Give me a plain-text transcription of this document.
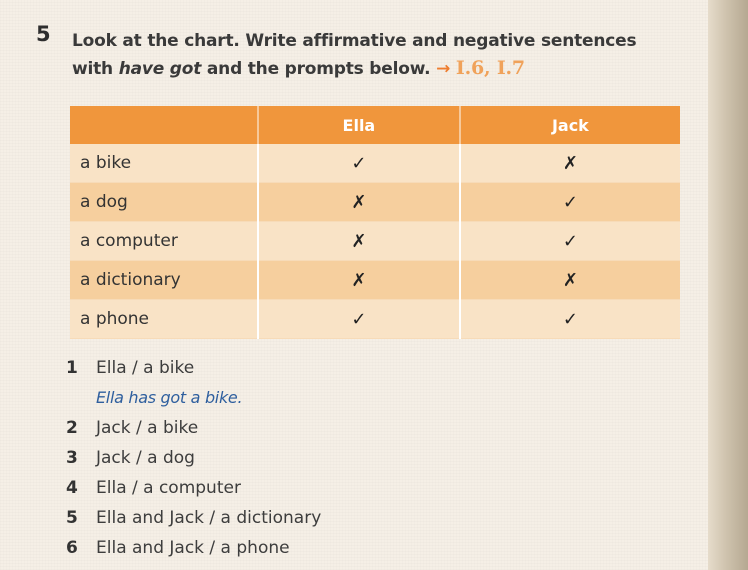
5 Look at the chart. Write affirmative and negative sentences with have got and the prompts below. → I.6, I.7
	Ella	Jack
a bike	✓	✗
a dog	✗	✓
a computer	✗	✓
a dictionary	✗	✗
a phone	✓	✓
1 Ella / a bike
Ella has got a bike.
2 Jack / a bike
3 Jack / a dog
4 Ella / a computer
5 Ella and Jack / a dictionary
6 Ella and Jack / a phone
